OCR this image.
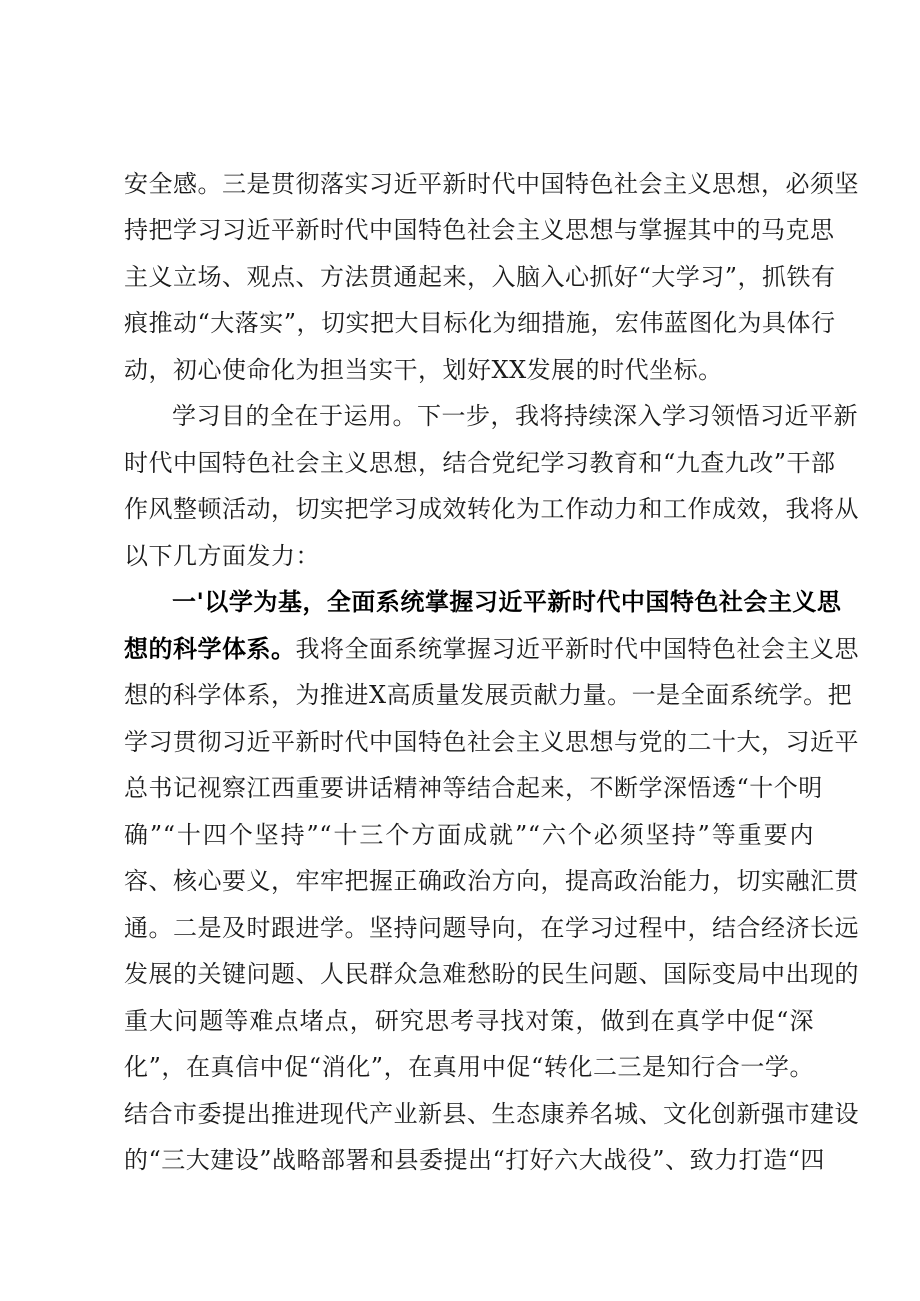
安全感。三是贯彻落实习近平新时代中国特色社会主义思想，必须坚
持把学习习近平新时代中国特色社会主义思想与掌握其中的马克思
主义立场、观点、方法贯通起来，入脑入心抓好“大学习”，抓铁有
痕推动“大落实”，切实把大目标化为细措施，宏伟蓝图化为具体行
动，初心使命化为担当实干，划好XX发展的时代坐标。
学习目的全在于运用。下一步，我将持续深入学习领悟习近平新
时代中国特色社会主义思想，结合党纪学习教育和“九查九改”干部
作风整顿活动，切实把学习成效转化为工作动力和工作成效，我将从
以下几方面发力：
一'以学为基，全面系统掌握习近平新时代中国特色社会主义思
想的科学体系。我将全面系统掌握习近平新时代中国特色社会主义思
想的科学体系，为推进X高质量发展贡献力量。一是全面系统学。把
学习贯彻习近平新时代中国特色社会主义思想与党的二十大，习近平
总书记视察江西重要讲话精神等结合起来，不断学深悟透“十个明
确”“十四个坚持”“十三个方面成就”“六个必须坚持”等重要内
容、核心要义，牢牢把握正确政治方向，提高政治能力，切实融汇贯
通。二是及时跟进学。坚持问题导向，在学习过程中，结合经济长远
发展的关键问题、人民群众急难愁盼的民生问题、国际变局中出现的
重大问题等难点堵点，研究思考寻找对策，做到在真学中促“深
化”，在真信中促“消化”，在真用中促“转化二三是知行合一学。
结合市委提出推进现代产业新县、生态康养名城、文化创新强市建设
的“三大建设”战略部署和县委提出“打好六大战役”、致力打造“四
